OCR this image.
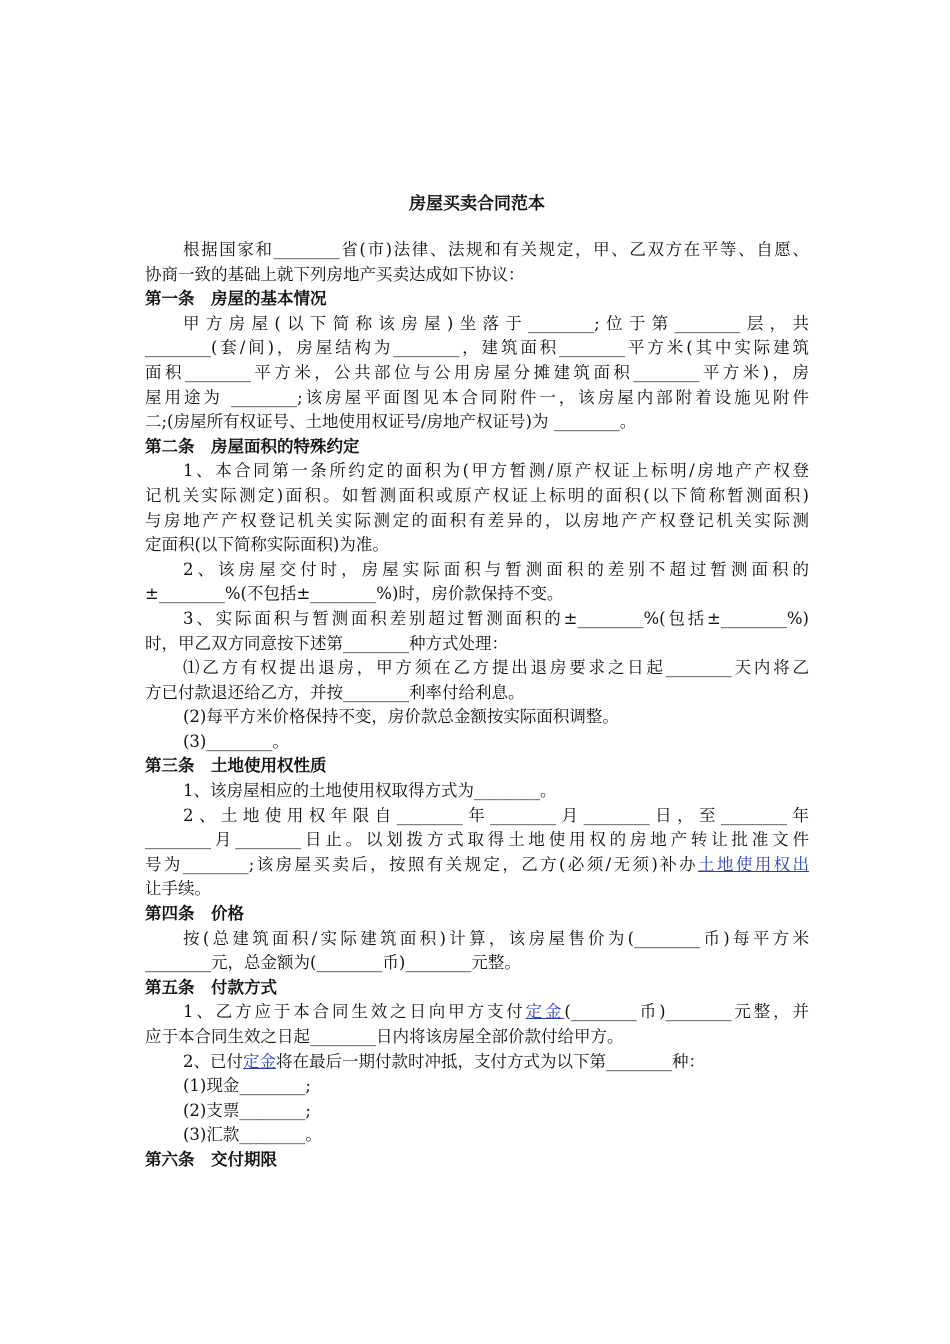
房屋买卖合同范本
根据国家和________省(市)法律、法规和有关规定，甲、乙双方在平等、自愿、
协商一致的基础上就下列房地产买卖达成如下协议：
第一条　房屋的基本情况
甲方房屋(以下简称该房屋)坐落于________;位于第________层，共
________(套/间)，房屋结构为________，建筑面积________平方米(其中实际建筑
面积________平方米，公共部位与公用房屋分摊建筑面积________平方米)，房
屋用途为 ________;该房屋平面图见本合同附件一，该房屋内部附着设施见附件
二;(房屋所有权证号、土地使用权证号/房地产权证号)为 ________。
第二条　房屋面积的特殊约定
1、本合同第一条所约定的面积为(甲方暂测/原产权证上标明/房地产产权登
记机关实际测定)面积。如暂测面积或原产权证上标明的面积(以下简称暂测面积)
与房地产产权登记机关实际测定的面积有差异的，以房地产产权登记机关实际测
定面积(以下简称实际面积)为准。
2、该房屋交付时，房屋实际面积与暂测面积的差别不超过暂测面积的
±________%(不包括±________%)时，房价款保持不变。
3、实际面积与暂测面积差别超过暂测面积的±________%(包括±________%)
时，甲乙双方同意按下述第________种方式处理：
⑴乙方有权提出退房，甲方须在乙方提出退房要求之日起________天内将乙
方已付款退还给乙方，并按________利率付给利息。
(2)每平方米价格保持不变，房价款总金额按实际面积调整。
(3)________。
第三条　土地使用权性质
1、该房屋相应的土地使用权取得方式为________。
2、土地使用权年限自________年________月________日，至________年
________月________日止。以划拨方式取得土地使用权的房地产转让批准文件
号为________;该房屋买卖后，按照有关规定，乙方(必须/无须)补办土地使用权出
让手续。
第四条　价格
按(总建筑面积/实际建筑面积)计算，该房屋售价为(________币)每平方米
________元，总金额为(________币)________元整。
第五条　付款方式
1、乙方应于本合同生效之日向甲方支付定金(________币)________元整，并
应于本合同生效之日起________日内将该房屋全部价款付给甲方。
2、已付定金将在最后一期付款时冲抵，支付方式为以下第________种：
(1)现金________;
(2)支票________;
(3)汇款________。
第六条　交付期限
